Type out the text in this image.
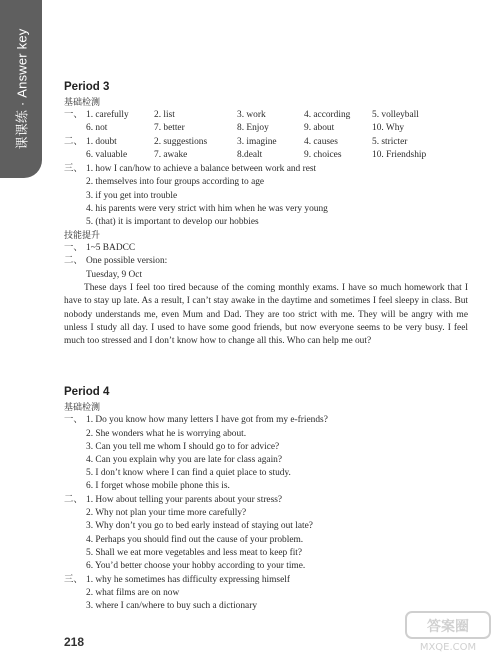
课课练 · Answer key	Period 3
基础检测
一、 1. carefully	2. list	3. work	4. according 5. volleyball
6. not	7. better	8. Enjoy	9. about	10. Why
二、 1. doubt	2. suggestions	3. imagine	4. causes	5. stricter
6. valuable	7. awake	8.dealt	9. choices	10. Friendship
三、 1. how I can/how to achieve a balance between work and rest
2. themselves into four groups according to age
3. if you get into trouble
4. his parents were very strict with him when he was very young
5. (that) it is important to develop our hobbies
技能提升
一、 1~5 BADCC
二、 One possible version:
Tuesday, 9 Oct
These days I feel too tired because of the coming monthly exams. I have so much homework that I have to stay up late. As a result, I can’t stay awake in the daytime and sometimes I feel sleepy in class. But nobody understands me, even Mum and Dad. They are too strict with me. They will be angry with me unless I study all day. I used to have some good friends, but now everyone seems to be very busy. I feel much too stressed and I don’t know how to change all this. Who can help me out?
Period 4
基础检测
一、 1. Do you know how many letters I have got from my e-friends?
2. She wonders what he is worrying about.
3. Can you tell me whom I should go to for advice?
4. Can you explain why you are late for class again?
5. I don’t know where I can find a quiet place to study.
6. I forget whose mobile phone this is.
二、 1. How about telling your parents about your stress?
2. Why not plan your time more carefully?
3. Why don’t you go to bed early instead of staying out late?
4. Perhaps you should find out the cause of your problem.
5. Shall we eat more vegetables and less meat to keep fit?
6. You’d better choose your hobby according to your time.
三、 1. why he sometimes has difficulty expressing himself
2. what films are on now
3. where I can/where to buy such a dictionary
218
答案圈
MXQE.COM
